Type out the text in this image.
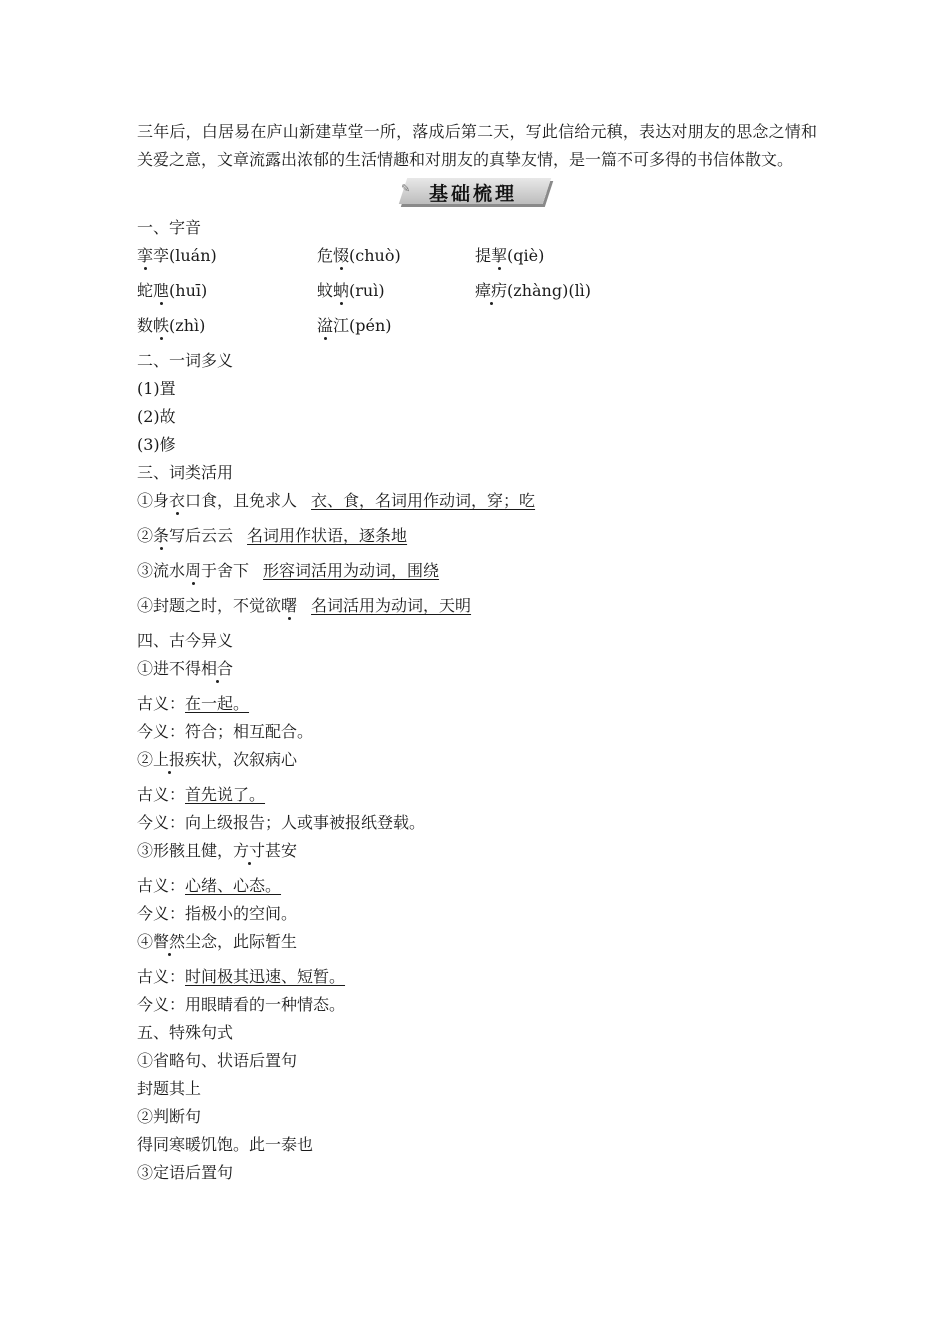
三年后，白居易在庐山新建草堂一所，落成后第二天，写此信给元稹，表达对朋友的思念之情和关爱之意，文章流露出浓郁的生活情趣和对朋友的真挚友情，是一篇不可多得的书信体散文。

✎ 基础梳理
一、字音
挛孪(luán)	危惙(chuò)	提挈(qiè)
蛇虺(huī)	蚊蚋(ruì)	瘴疠(zhàng)(lì)
数帙(zhì)	湓江(pén)
二、一词多义
(1)置
(2)故
(3)修
三、词类活用
①身衣口食，且免求人 衣、食，名词用作动词，穿；吃
②条写后云云 名词用作状语，逐条地
③流水周于舍下 形容词活用为动词，围绕
④封题之时，不觉欲曙 名词活用为动词，天明
四、古今异义
①进不得相合
古义：在一起。
今义：符合；相互配合。
②上报疾状，次叙病心
古义：首先说了。
今义：向上级报告；人或事被报纸登载。
③形骸且健，方寸甚安
古义：心绪、心态。
今义：指极小的空间。
④瞥然尘念，此际暂生
古义：时间极其迅速、短暂。
今义：用眼睛看的一种情态。
五、特殊句式
①省略句、状语后置句
封题其上
②判断句
得同寒暖饥饱。此一泰也
③定语后置句
